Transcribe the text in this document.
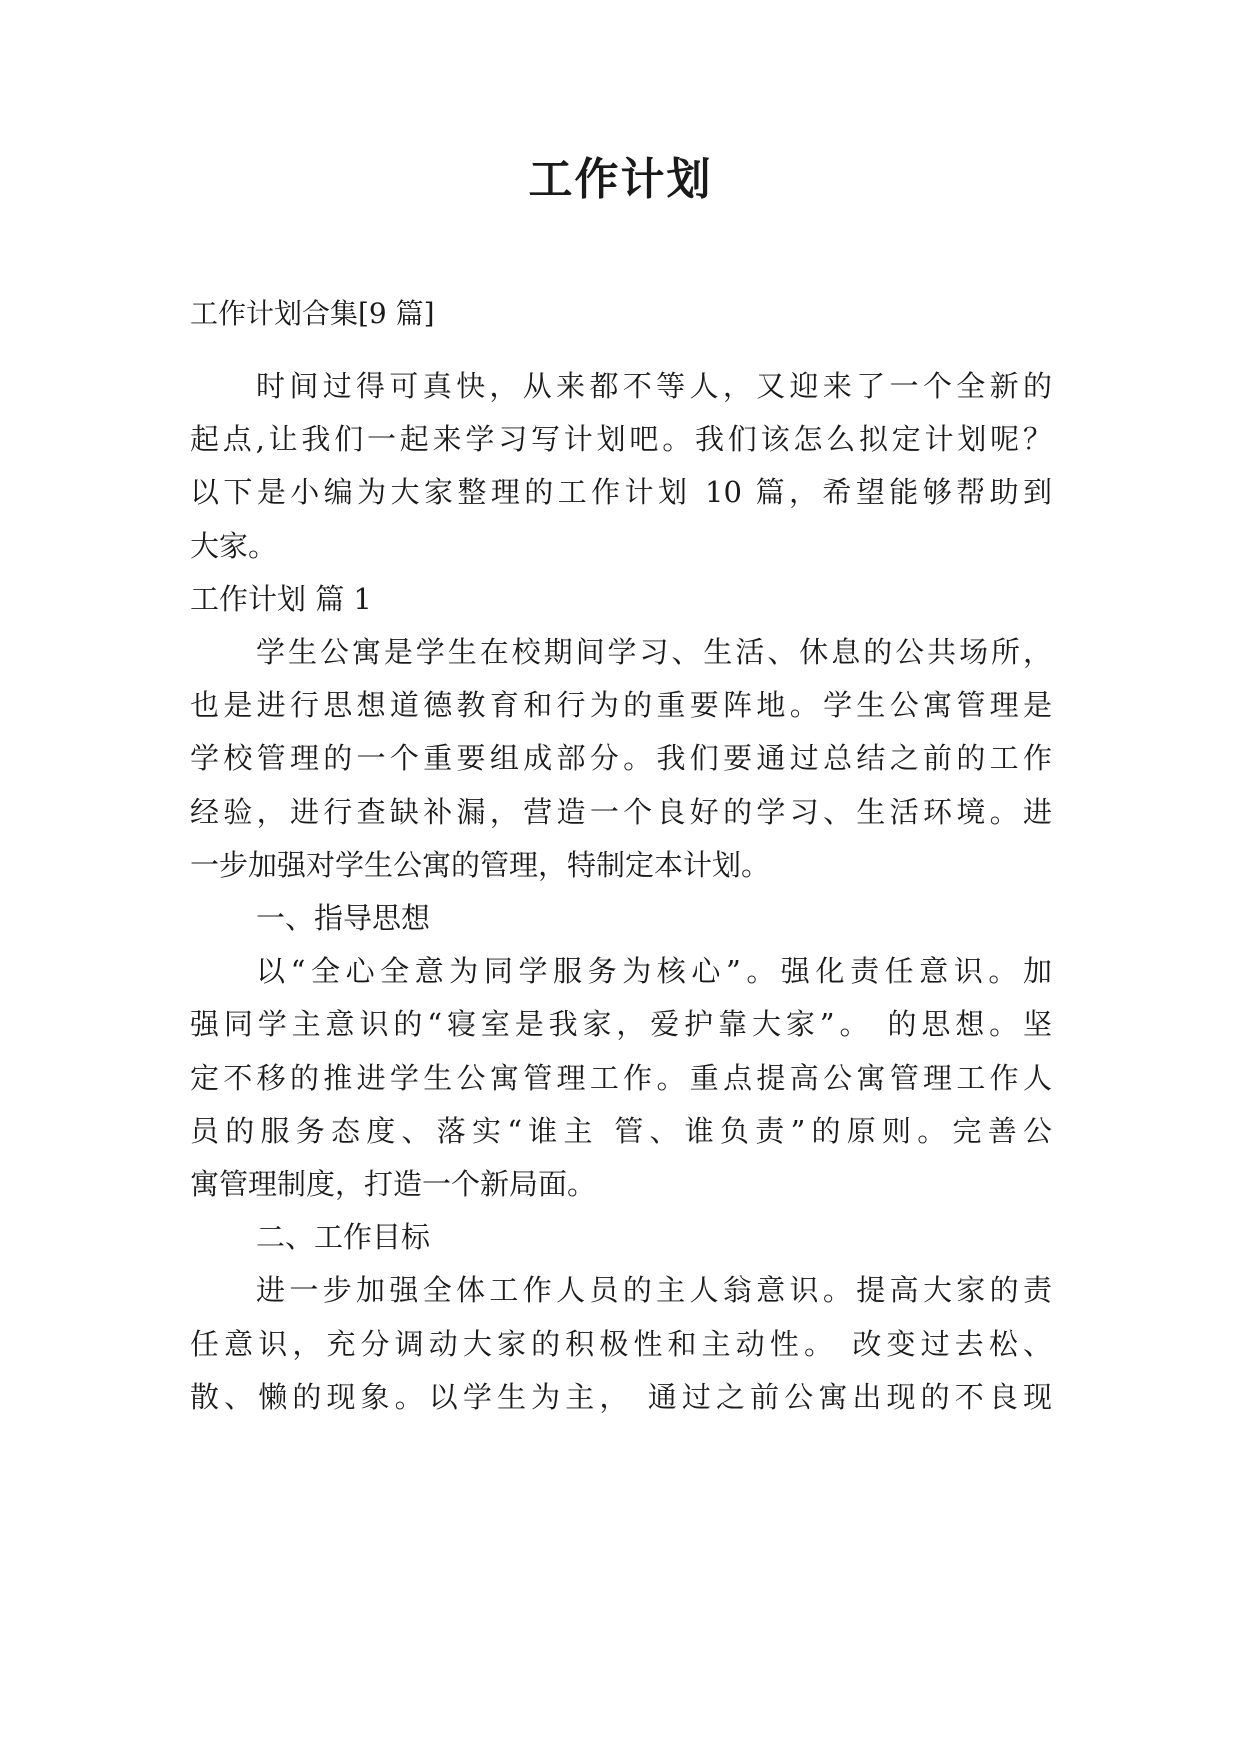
工作计划
工作计划合集[9 篇]
时间过得可真快，从来都不等人，又迎来了一个全新的
起点,让我们一起来学习写计划吧。我们该怎么拟定计划呢？
以下是小编为大家整理的工作计划 10 篇，希望能够帮助到
大家。
工作计划 篇 1
学生公寓是学生在校期间学习、生活、休息的公共场所，
也是进行思想道德教育和行为的重要阵地。学生公寓管理是
学校管理的一个重要组成部分。我们要通过总结之前的工作
经验，进行查缺补漏，营造一个良好的学习、生活环境。进
一步加强对学生公寓的管理，特制定本计划。
一、指导思想
以“全心全意为同学服务为核心”。强化责任意识。加
强同学主意识的“寝室是我家，爱护靠大家”。 的思想。坚
定不移的推进学生公寓管理工作。重点提高公寓管理工作人
员的服务态度、落实“谁主 管、谁负责”的原则。完善公
寓管理制度，打造一个新局面。
二、工作目标
进一步加强全体工作人员的主人翁意识。提高大家的责
任意识，充分调动大家的积极性和主动性。 改变过去松、
散、懒的现象。以学生为主， 通过之前公寓出现的不良现
